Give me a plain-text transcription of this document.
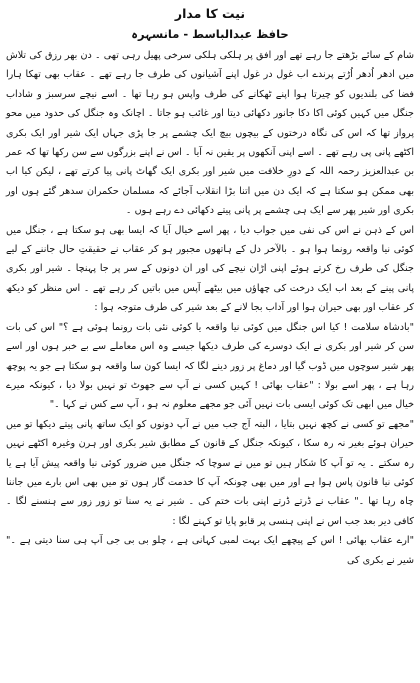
نیت کا مدار
حافظ عبدالباسط - مانسہرہ

شام کے سائے بڑھتے جا رہے تھے اور افق پر ہلکی ہلکی سرخی پھیل رہی تھی ۔ دن بھر رزق کی تلاش میں ادھر اُدھر اُڑتے پرندے اب غول در غول اپنے آشیانوں کی طرف جا رہے تھے ۔ عقاب بھی تھکا ہارا فضا کی بلندیوں کو چیرتا ہوا اپنے ٹھکانے کی طرف واپس ہو رہا تھا ۔ اسے نیچے سرسبز و شاداب جنگل میں کہیں کوئی اکا دکا جانور دکھائی دیتا اور غائب ہو جاتا ۔ اچانک وہ جنگل کی حدود میں محو پرواز تھا کہ اس کی نگاہ درختوں کے بیچوں بیچ ایک چشمے پر جا پڑی جہاں ایک شیر اور ایک بکری اکٹھے پانی پی رہے تھے ۔ اسے اپنی آنکھوں پر یقین نہ آیا ۔ اس نے اپنے بزرگوں سے سن رکھا تھا کہ عمر بن عبدالعزیز رحمہ اللہ کے دورِ خلافت میں شیر اور بکری ایک گھاٹ پانی پیا کرتے تھے ، لیکن کیا اب بھی ممکن ہو سکتا ہے کہ ایک دن میں اتنا بڑا انقلاب آجائے کہ مسلمان حکمران سدھر گئے ہوں اور بکری اور شیر پھر سے ایک ہی چشمے پر پانی پیتے دکھائی دے رہے ہوں ۔

اس کے ذہن نے اس کی نفی میں جواب دیا ، پھر اسے خیال آیا کہ ایسا بھی ہو سکتا ہے ، جنگل میں کوئی نیا واقعہ رونما ہوا ہو ۔ بالآخر دل کے ہاتھوں مجبور ہو کر عقاب نے حقیقتِ حال جاننے کے لیے جنگل کی طرف رخ کرتے ہوئے اپنی اڑان نیچے کی اور ان دونوں کے سر پر جا پہنچا ۔ شیر اور بکری پانی پینے کے بعد اب ایک درخت کی چھاؤں میں بیٹھے آپس میں باتیں کر رہے تھے ۔ اس منظر کو دیکھ کر عقاب اور بھی حیران ہوا اور آداب بجا لانے کے بعد شیر کی طرف متوجہ ہوا :

"بادشاہ سلامت ! کیا اس جنگل میں کوئی نیا واقعہ یا کوئی نئی بات رونما ہوئی ہے ؟" اس کی بات سن کر شیر اور بکری نے ایک دوسرے کی طرف دیکھا جیسے وہ اس معاملے سے بے خبر ہوں اور اسے پھر شیر سوچوں میں ڈوب گیا اور دماغ پر زور دینے لگا کہ ایسا کون سا واقعہ ہو سکتا ہے جو یہ پوچھ رہا ہے ، پھر اسے بولا : "عقاب بھائی ! کہیں کسی نے آپ سے جھوٹ تو نہیں بولا دیا ، کیونکہ میرے خیال میں ابھی تک کوئی ایسی بات نہیں آئی جو مجھے معلوم نہ ہو ، آپ سے کس نے کہا ۔"

"مجھے تو کسی نے کچھ نہیں بتایا ، البتہ آج جب میں نے آپ دونوں کو ایک ساتھ پانی پیتے دیکھا تو میں حیران ہوئے بغیر نہ رہ سکا ، کیونکہ جنگل کے قانون کے مطابق شیر بکری اور ہرن وغیرہ اکٹھے نہیں رہ سکتے ۔ یہ تو آپ کا شکار ہیں تو میں نے سوچا کہ جنگل میں ضرور کوئی نیا واقعہ پیش آیا ہے یا کوئی نیا قانون پاس ہوا ہے اور میں بھی چونکہ آپ کا خدمت گار ہوں تو میں بھی اس بارے میں جاننا چاہ رہا تھا ۔" عقاب نے ڈرتے ڈرتے اپنی بات ختم کی ۔ شیر نے یہ سنا تو زور زور سے ہنسنے لگا ۔ کافی دیر بعد جب اس نے اپنی ہنسی پر قابو پایا تو کہنے لگا :

"ارے عقاب بھائی ! اس کے پیچھے ایک بہت لمبی کہانی ہے ، چلو بی بی جی آپ ہی سنا دیتی ہے ۔" شیر نے بکری کی
